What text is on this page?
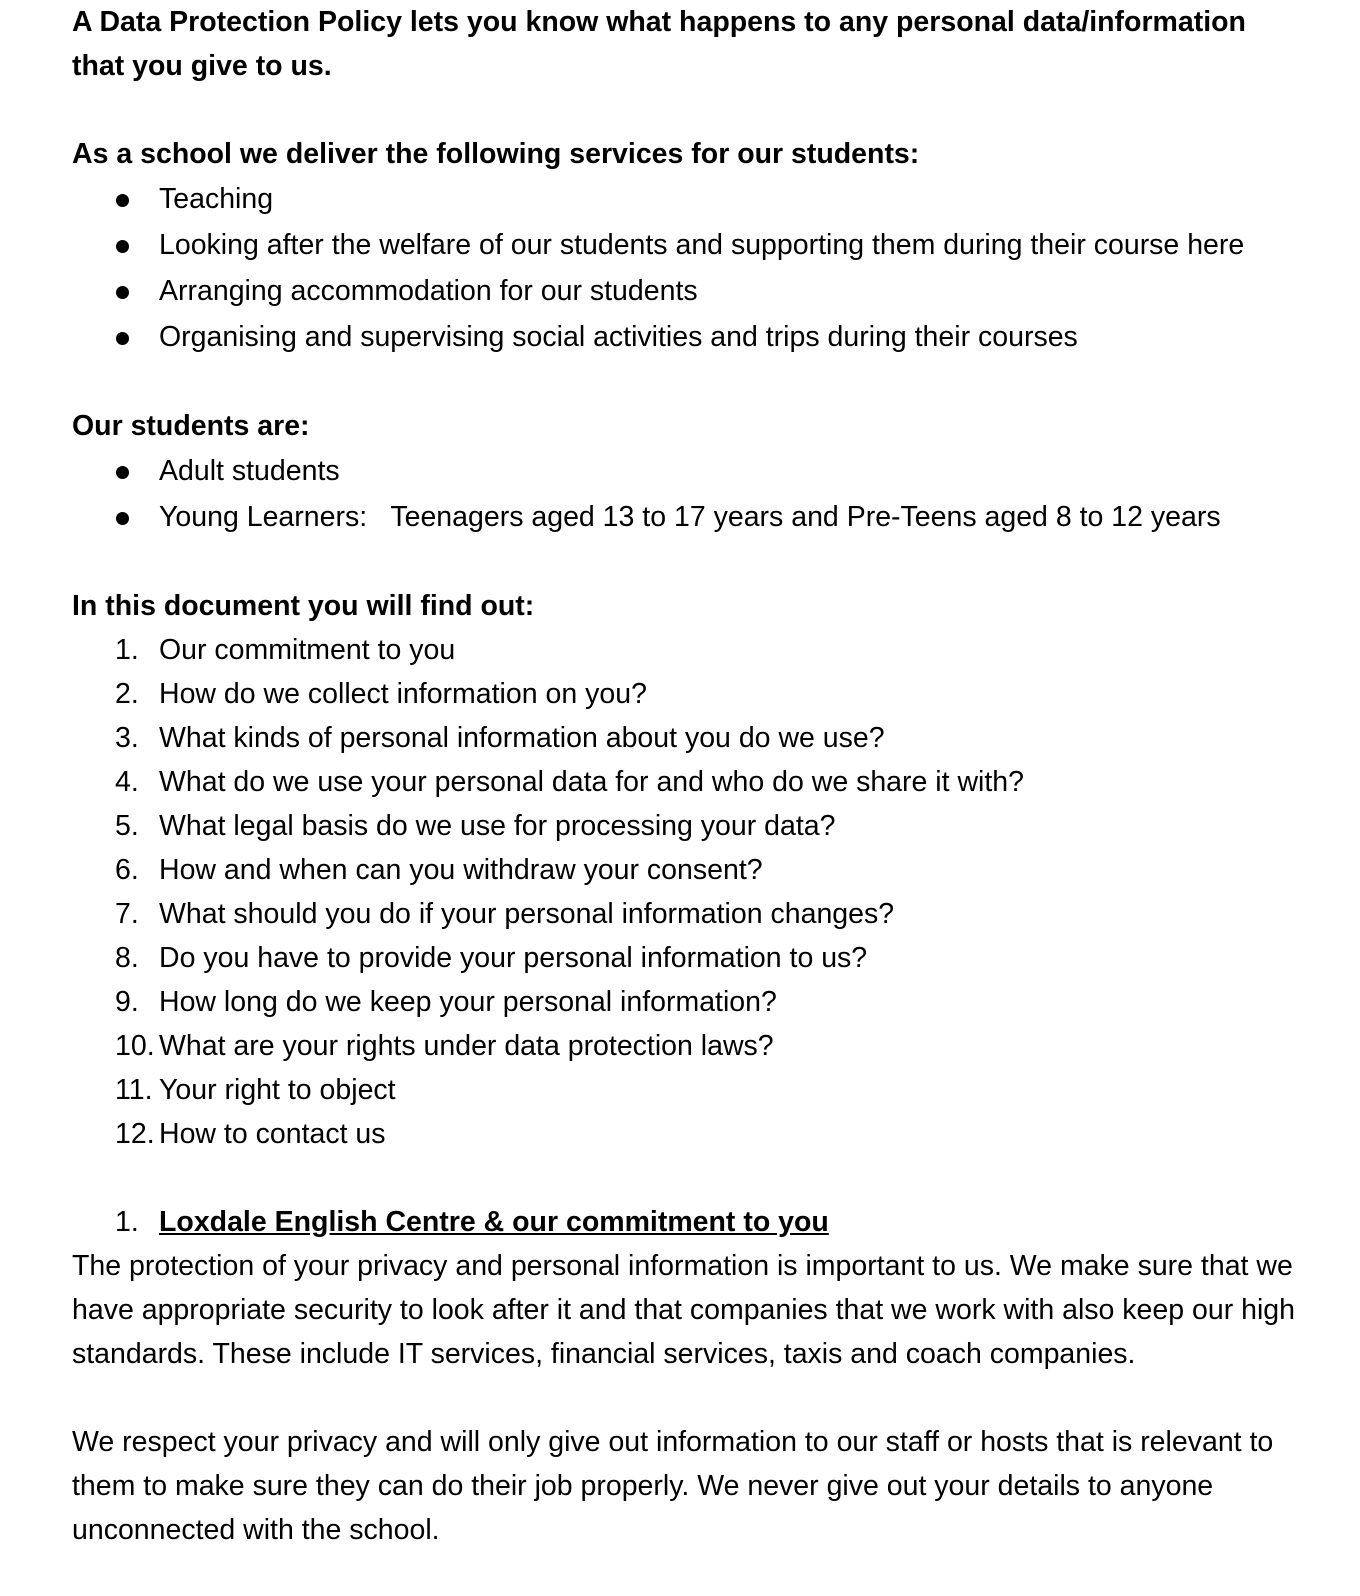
A Data Protection Policy lets you know what happens to any personal data/information that you give to us.

As a school we deliver the following services for our students:

Teaching
Looking after the welfare of our students and supporting them during their course here
Arranging accommodation for our students
Organising and supervising social activities and trips during their courses

Our students are:

Adult students
Young Learners:   Teenagers aged 13 to 17 years and Pre-Teens aged 8 to 12 years

In this document you will find out:

1. Our commitment to you
2. How do we collect information on you?
3. What kinds of personal information about you do we use?
4. What do we use your personal data for and who do we share it with?
5. What legal basis do we use for processing your data?
6. How and when can you withdraw your consent?
7. What should you do if your personal information changes?
8. Do you have to provide your personal information to us?
9. How long do we keep your personal information?
10. What are your rights under data protection laws?
11. Your right to object
12. How to contact us
1. Loxdale English Centre & our commitment to you

The protection of your privacy and personal information is important to us. We make sure that we have appropriate security to look after it and that companies that we work with also keep our high standards. These include IT services, financial services, taxis and coach companies.

We respect your privacy and will only give out information to our staff or hosts that is relevant to them to make sure they can do their job properly. We never give out your details to anyone unconnected with the school.
